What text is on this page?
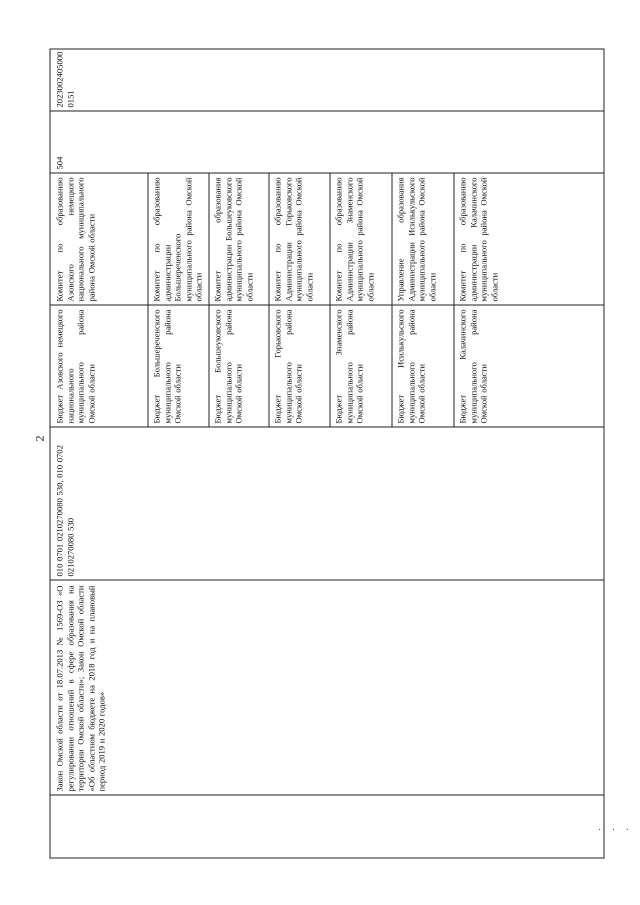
2
Закон Омской области от 18.07.2013 № 1569-ОЗ «О регулировании отношений в сфере образования на территории Омской области»; Закон Омской области «Об областном бюджете на 2018 год и на плановый период 2019 и 2020 годов»
010 0701 0210270080 530, 010 0702 0210270080 530
Бюджет Азовского немецкого национального муниципального района Омской области
Комитет по образованию Азовского немецкого национального муниципального района Омской области
Бюджет Большереченского муниципального района Омской области
Комитет по образованию администрации Большереченского муниципального района Омской области
Бюджет Большеуковского муниципального района Омской области
Комитет образования администрации Большеуковского муниципального района Омской области
Бюджет Горьковского муниципального района Омской области
Комитет по образованию Администрации Горьковского муниципального района Омской области
Бюджет Знаменского муниципального района Омской области
Комитет по образованию Администрации Знаменского муниципального района Омской области
Бюджет Исилькульского муниципального района Омской области
Управление образования Администрации Исилькульского муниципального района Омской области
Бюджет Калачинского муниципального района Омской области
Комитет по образованию администрации Калачинского муниципального района Омской области
504
20230024050000151
· · ·
